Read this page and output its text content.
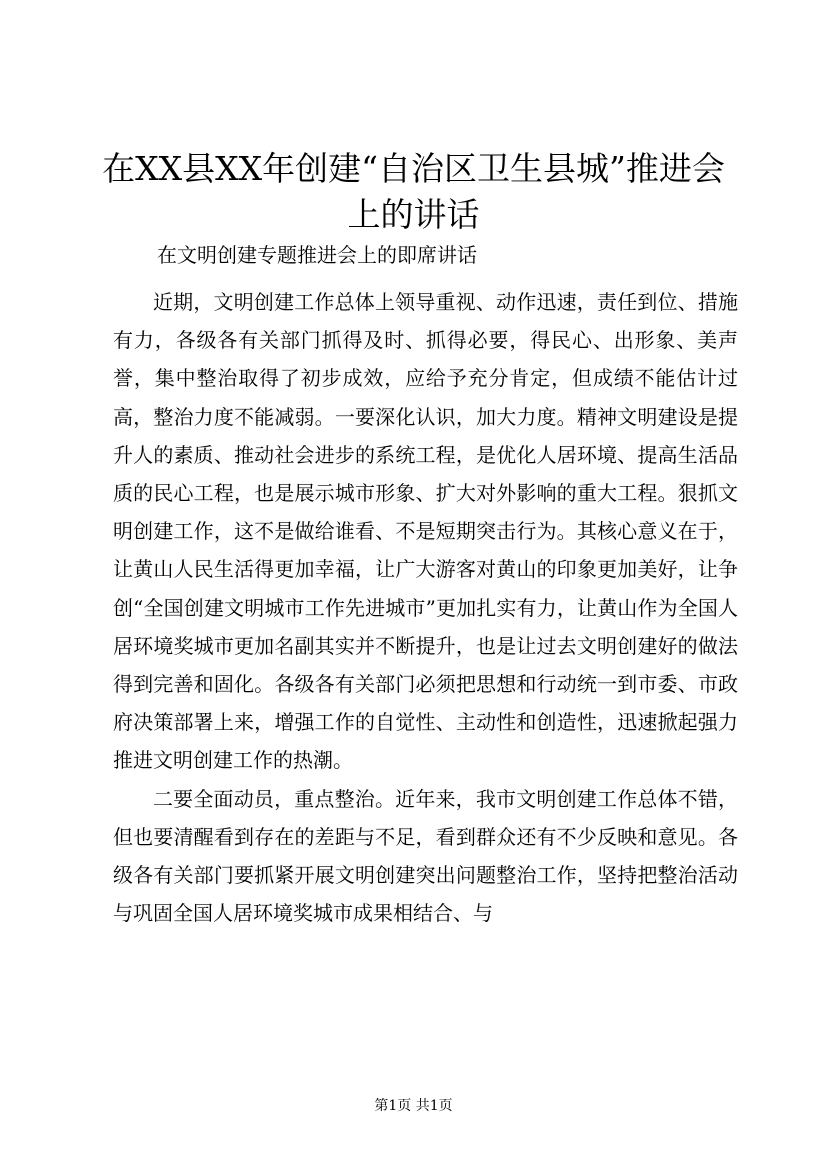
在XX县XX年创建“自治区卫生县城”推进会上的讲话

在文明创建专题推进会上的即席讲话

近期，文明创建工作总体上领导重视、动作迅速，责任到位、措施有力，各级各有关部门抓得及时、抓得必要，得民心、出形象、美声誉，集中整治取得了初步成效，应给予充分肯定，但成绩不能估计过高，整治力度不能减弱。一要深化认识，加大力度。精神文明建设是提升人的素质、推动社会进步的系统工程，是优化人居环境、提高生活品质的民心工程，也是展示城市形象、扩大对外影响的重大工程。狠抓文明创建工作，这不是做给谁看、不是短期突击行为。其核心意义在于，让黄山人民生活得更加幸福，让广大游客对黄山的印象更加美好，让争创“全国创建文明城市工作先进城市”更加扎实有力，让黄山作为全国人居环境奖城市更加名副其实并不断提升，也是让过去文明创建好的做法得到完善和固化。各级各有关部门必须把思想和行动统一到市委、市政府决策部署上来，增强工作的自觉性、主动性和创造性，迅速掀起强力推进文明创建工作的热潮。

二要全面动员，重点整治。近年来，我市文明创建工作总体不错，但也要清醒看到存在的差距与不足，看到群众还有不少反映和意见。各级各有关部门要抓紧开展文明创建突出问题整治工作，坚持把整治活动与巩固全国人居环境奖城市成果相结合、与

第1页 共1页
